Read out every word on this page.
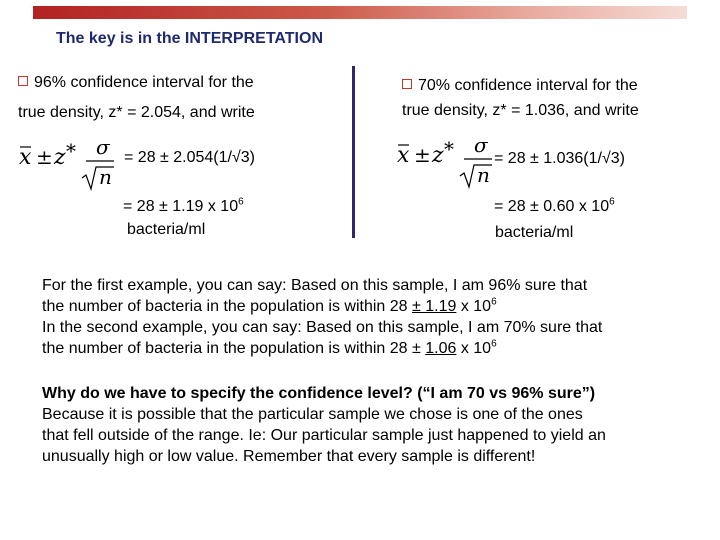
The key is in the INTERPRETATION
96% confidence interval for the
true density, z* = 2.054, and write
x ± z * σ
n
= 28 ± 2.054(1/√3)
= 28 ± 1.19 x $10^6$
bacteria/ml
70% confidence interval for the
true density, z* = 1.036, and write
x ± z * σ
n
= 28 ± 1.036(1/√3)
= 28 ± 0.60 x $10^6$
bacteria/ml
For the first example, you can say: Based on this sample, I am 96% sure that
the number of bacteria in the population is within 28 ± 1.19 x $10^6$
In the second example, you can say: Based on this sample, I am 70% sure that
the number of bacteria in the population is within 28 ± 1.06 x $10^6$
Why do we have to specify the confidence level? (“I am 70 vs 96% sure”)
Because it is possible that the particular sample we chose is one of the ones
that fell outside of the range. Ie: Our particular sample just happened to yield an
unusually high or low value. Remember that every sample is different!
